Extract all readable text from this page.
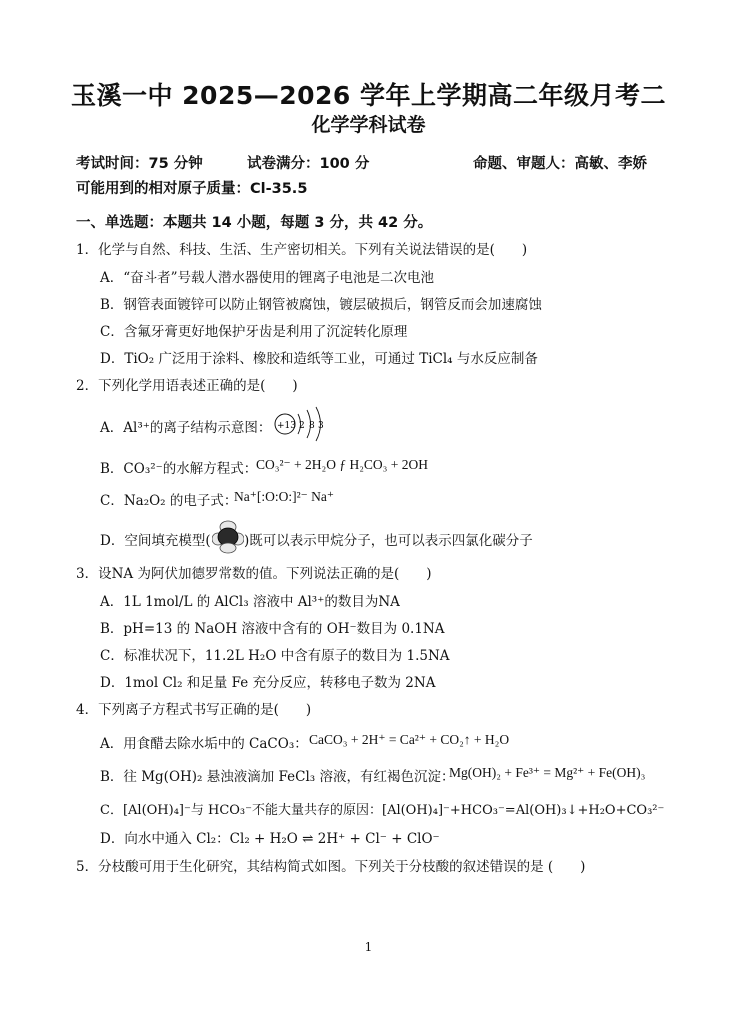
玉溪一中 2025—2026 学年上学期高二年级月考二
化学学科试卷
考试时间：75 分钟	试卷满分：100 分	命题、审题人：高敏、李娇
可能用到的相对原子质量：Cl-35.5
一、单选题：本题共 14 小题，每题 3 分，共 42 分。
1．化学与自然、科技、生活、生产密切相关。下列有关说法错误的是(　　)
A．“奋斗者”号载人潜水器使用的锂离子电池是二次电池
B．钢管表面镀锌可以防止钢管被腐蚀，镀层破损后，钢管反而会加速腐蚀
C．含氟牙膏更好地保护牙齿是利用了沉淀转化原理
D．TiO₂ 广泛用于涂料、橡胶和造纸等工业，可通过 TiCl₄ 与水反应制备
2．下列化学用语表述正确的是(　　)
A．Al³⁺的离子结构示意图： +13 2 8 3
B．CO₃²⁻的水解方程式：
CO₃²⁻ + 2H₂O ƒ H₂CO₃ + 2OH
C．Na₂O₂ 的电子式：
Na⁺[:O:O:]²⁻ Na⁺
D．空间填充模型( )既可以表示甲烷分子，也可以表示四氯化碳分子
3．设NA 为阿伏加德罗常数的值。下列说法正确的是(　　)
A．1L 1mol/L 的 AlCl₃ 溶液中 Al³⁺的数目为NA
B．pH=13 的 NaOH 溶液中含有的 OH⁻数目为 0.1NA
C．标准状况下，11.2L H₂O 中含有原子的数目为 1.5NA
D．1mol Cl₂ 和足量 Fe 充分反应，转移电子数为 2NA
4．下列离子方程式书写正确的是(　　)
A．用食醋去除水垢中的 CaCO₃： CaCO₃ + 2H⁺ = Ca²⁺ + CO₂↑ + H₂O
B．往 Mg(OH)₂ 悬浊液滴加 FeCl₃ 溶液，有红褐色沉淀：
Mg(OH)₂ + Fe³⁺ = Mg²⁺ + Fe(OH)₃
C．[Al(OH)₄]⁻与 HCO₃⁻不能大量共存的原因：[Al(OH)₄]⁻+HCO₃⁻=Al(OH)₃↓+H₂O+CO₃²⁻
D．向水中通入 Cl₂：Cl₂ + H₂O ⇌ 2H⁺ + Cl⁻ + ClO⁻
5．分枝酸可用于生化研究，其结构简式如图。下列关于分枝酸的叙述错误的是 (　　)
1
